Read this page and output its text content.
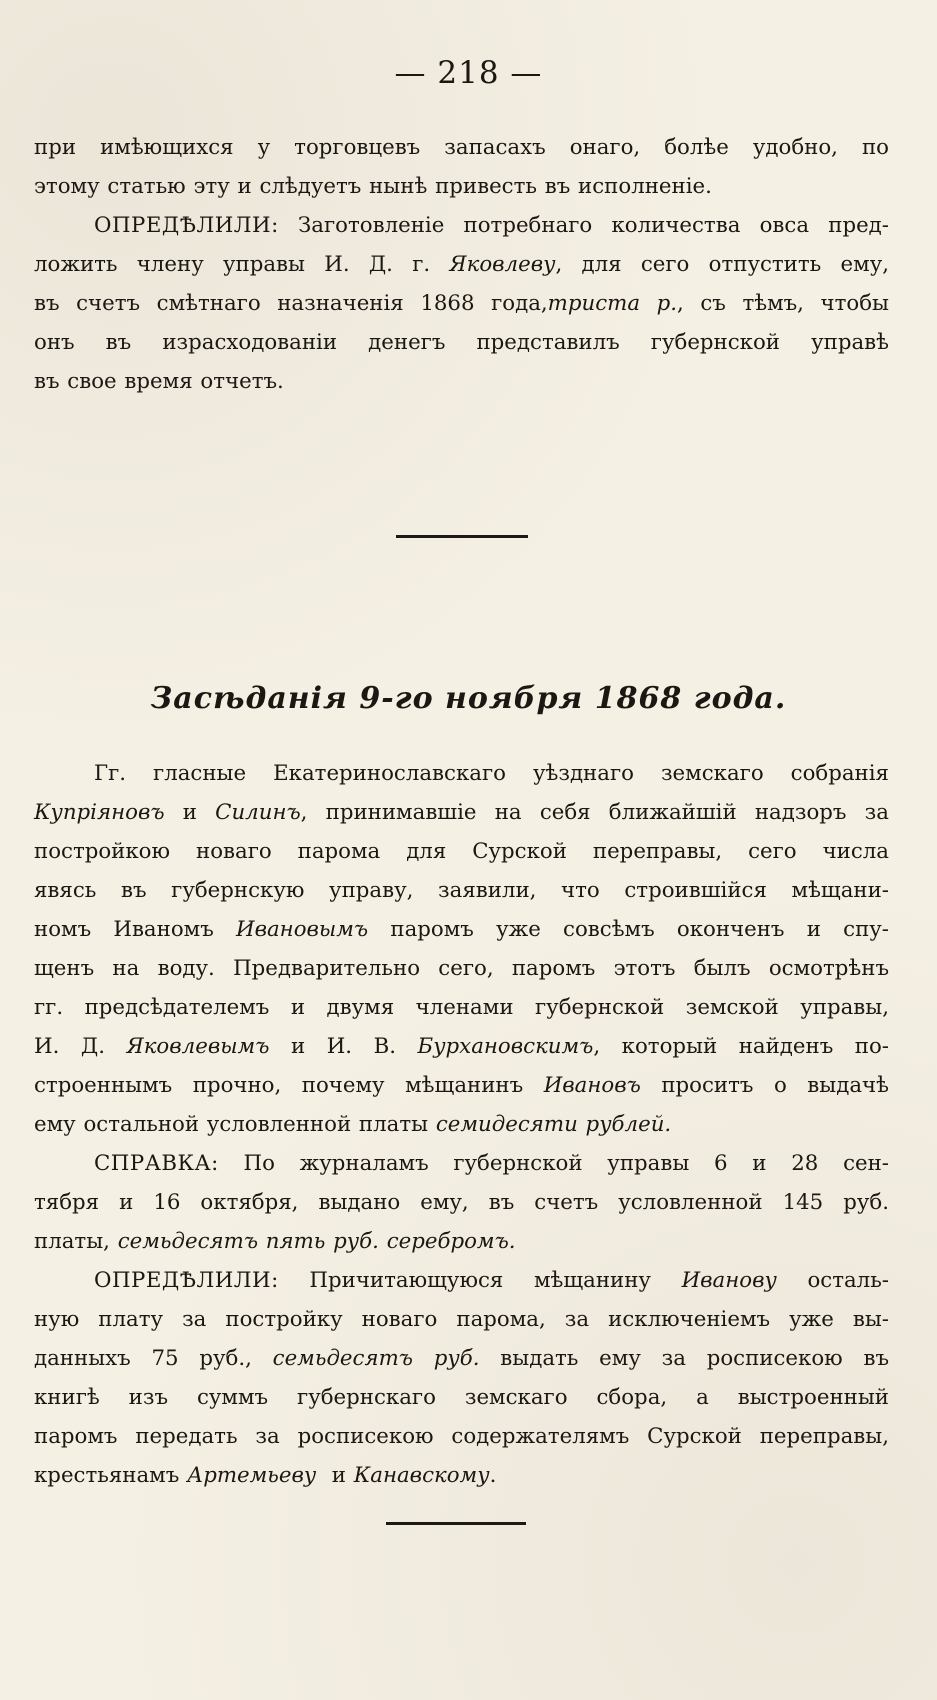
— 218 —
при имѣющихся у торговцевъ запасахъ онаго, болѣе удобно, по
этому статью эту и слѣдуетъ нынѣ привесть въ исполненіе.
ОПРЕДѢЛИЛИ: Заготовленіе потребнаго количества овса пред-
ложить члену управы И. Д. г. Яковлеву, для сего отпустить ему,
въ счетъ смѣтнаго назначенія 1868 года,триста р., съ тѣмъ, чтобы
онъ въ израсходованіи денегъ представилъ губернской управѣ
въ свое время отчетъ.
Засѣданія 9-го ноября 1868 года.
Гг. гласные Екатеринославскаго уѣзднаго земскаго собранія
Купріяновъ и Силинъ, принимавшіе на себя ближайшій надзоръ за
постройкою новаго парома для Сурской переправы, сего числа
явясь въ губернскую управу, заявили, что строившійся мѣщани-
номъ Иваномъ Ивановымъ паромъ уже совсѣмъ оконченъ и спу-
щенъ на воду. Предварительно сего, паромъ этотъ былъ осмотрѣнъ
гг. предсѣдателемъ и двумя членами губернской земской управы,
И. Д. Яковлевымъ и И. В. Бурхановскимъ, который найденъ по-
строеннымъ прочно, почему мѣщанинъ Ивановъ проситъ о выдачѣ
ему остальной условленной платы семидесяти рублей.
СПРАВКА: По журналамъ губернской управы 6 и 28 сен-
тября и 16 октября, выдано ему, въ счетъ условленной 145 руб.
платы, семьдесятъ пять руб. серебромъ.
ОПРЕДѢЛИЛИ: Причитающуюся мѣщанину Иванову осталь-
ную плату за постройку новаго парома, за исключеніемъ уже вы-
данныхъ 75 руб., семьдесятъ руб. выдать ему за росписекою въ
книгѣ изъ суммъ губернскаго земскаго сбора, а выстроенный
паромъ передать за росписекою содержателямъ Сурской переправы,
крестьянамъ Артемьеву и Канавскому.
